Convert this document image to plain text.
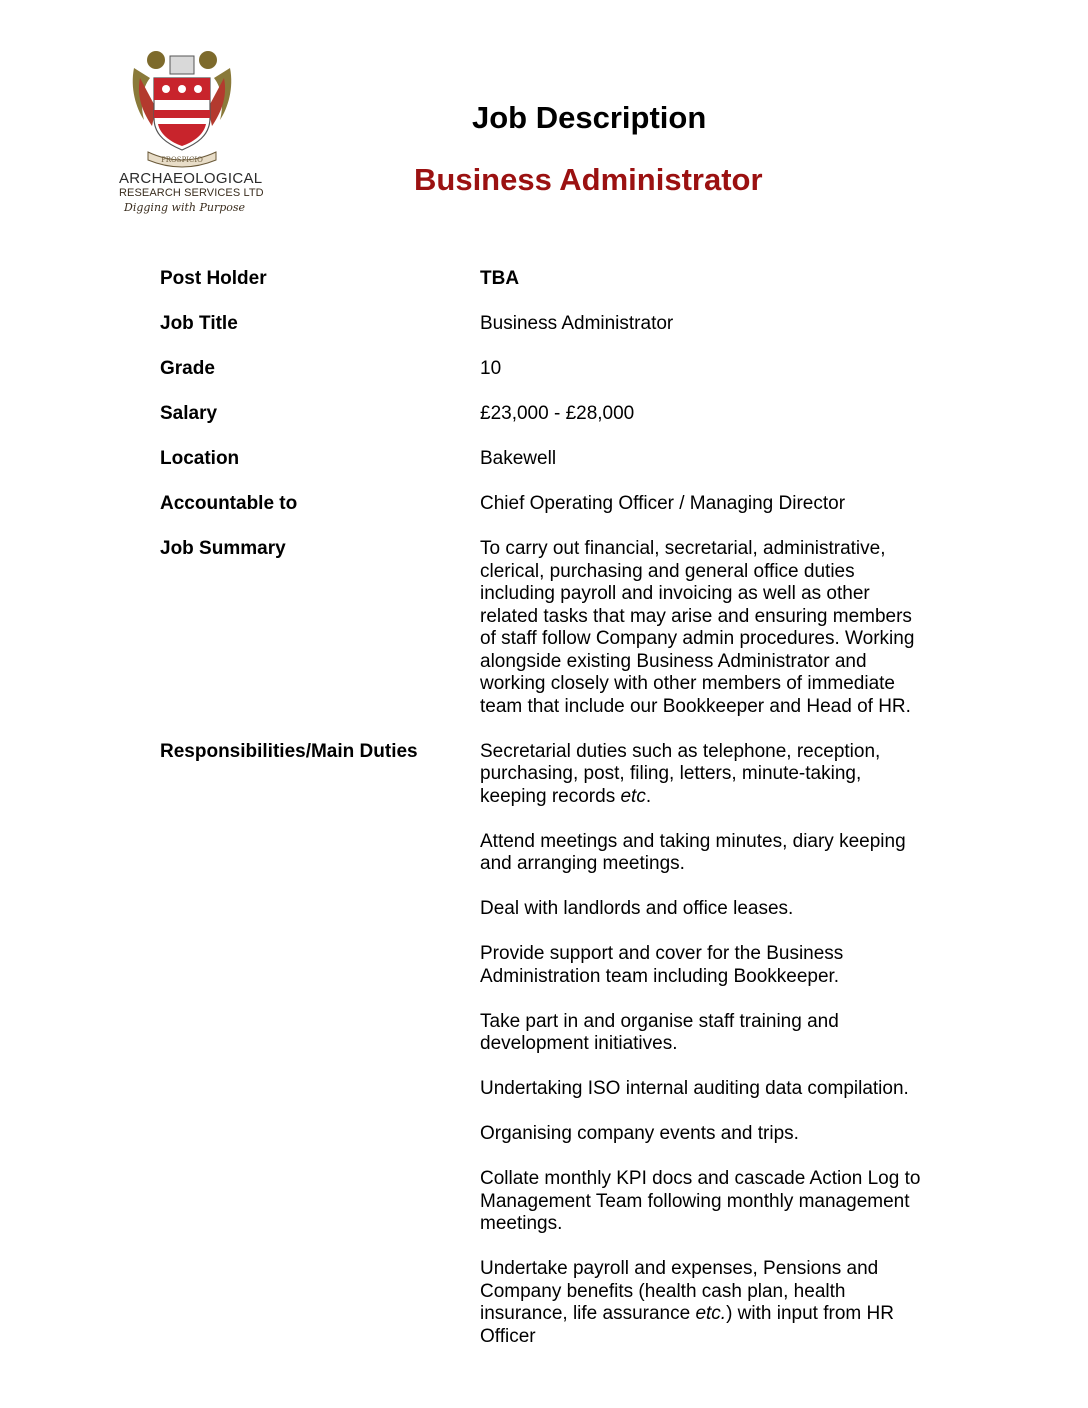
PROSPICIO
ARCHAEOLOGICAL
RESEARCH SERVICES LTD
Digging with Purpose
Job Description
Business Administrator
Post Holder	TBA
Job Title	Business Administrator
Grade	10
Salary	£23,000 - £28,000
Location	Bakewell
Accountable to	Chief Operating Officer / Managing Director
Job Summary	To carry out financial, secretarial, administrative, clerical, purchasing and general office duties including payroll and invoicing as well as other related tasks that may arise and ensuring members of staff follow Company admin procedures. Working alongside existing Business Administrator and working closely with other members of immediate team that include our Bookkeeper and Head of HR.
Responsibilities/Main Duties	Secretarial duties such as telephone, reception, purchasing, post, filing, letters, minute-taking, keeping records etc.

Attend meetings and taking minutes, diary keeping and arranging meetings.

Deal with landlords and office leases.

Provide support and cover for the Business Administration team including Bookkeeper.

Take part in and organise staff training and development initiatives.

Undertaking ISO internal auditing data compilation.

Organising company events and trips.

Collate monthly KPI docs and cascade Action Log to Management Team following monthly management meetings.

Undertake payroll and expenses, Pensions and Company benefits (health cash plan, health insurance, life assurance etc.) with input from HR Officer
